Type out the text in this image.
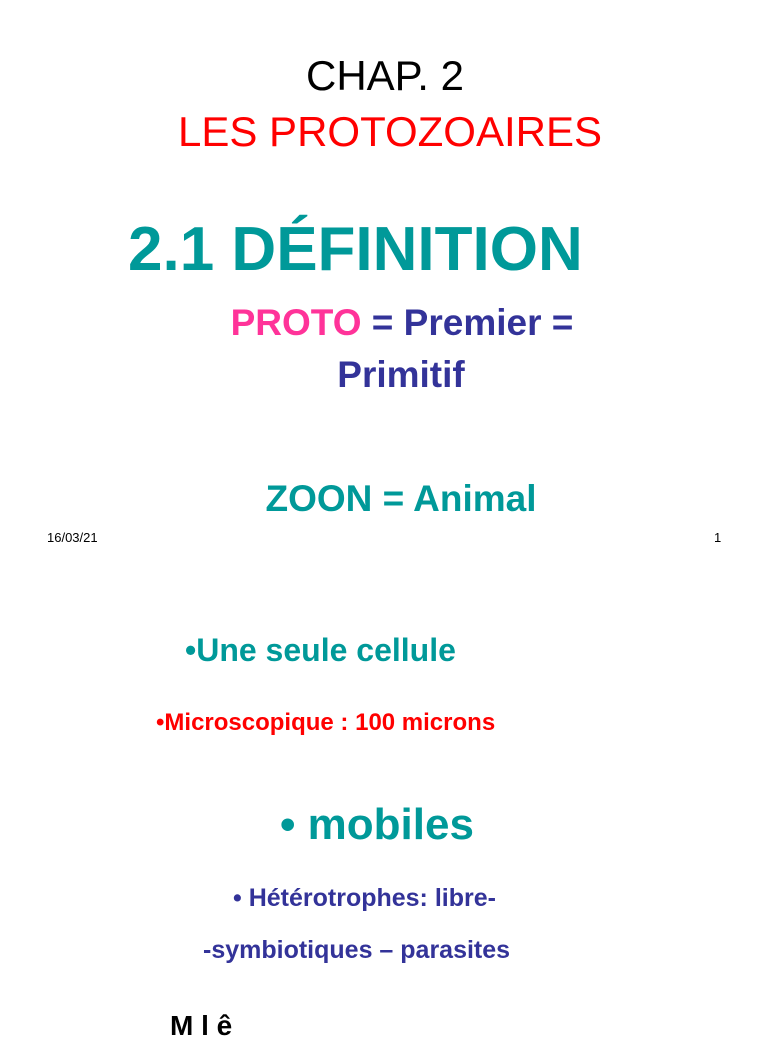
CHAP. 2
LES PROTOZOAIRES
2.1 DÉFINITION
PROTO = Premier =
Primitif
ZOON = Animal
16/03/21	1
•Une seule cellule
•Microscopique : 100 microns
• mobiles
• Hétérotrophes: libre-
-symbiotiques – parasites
M l ê
